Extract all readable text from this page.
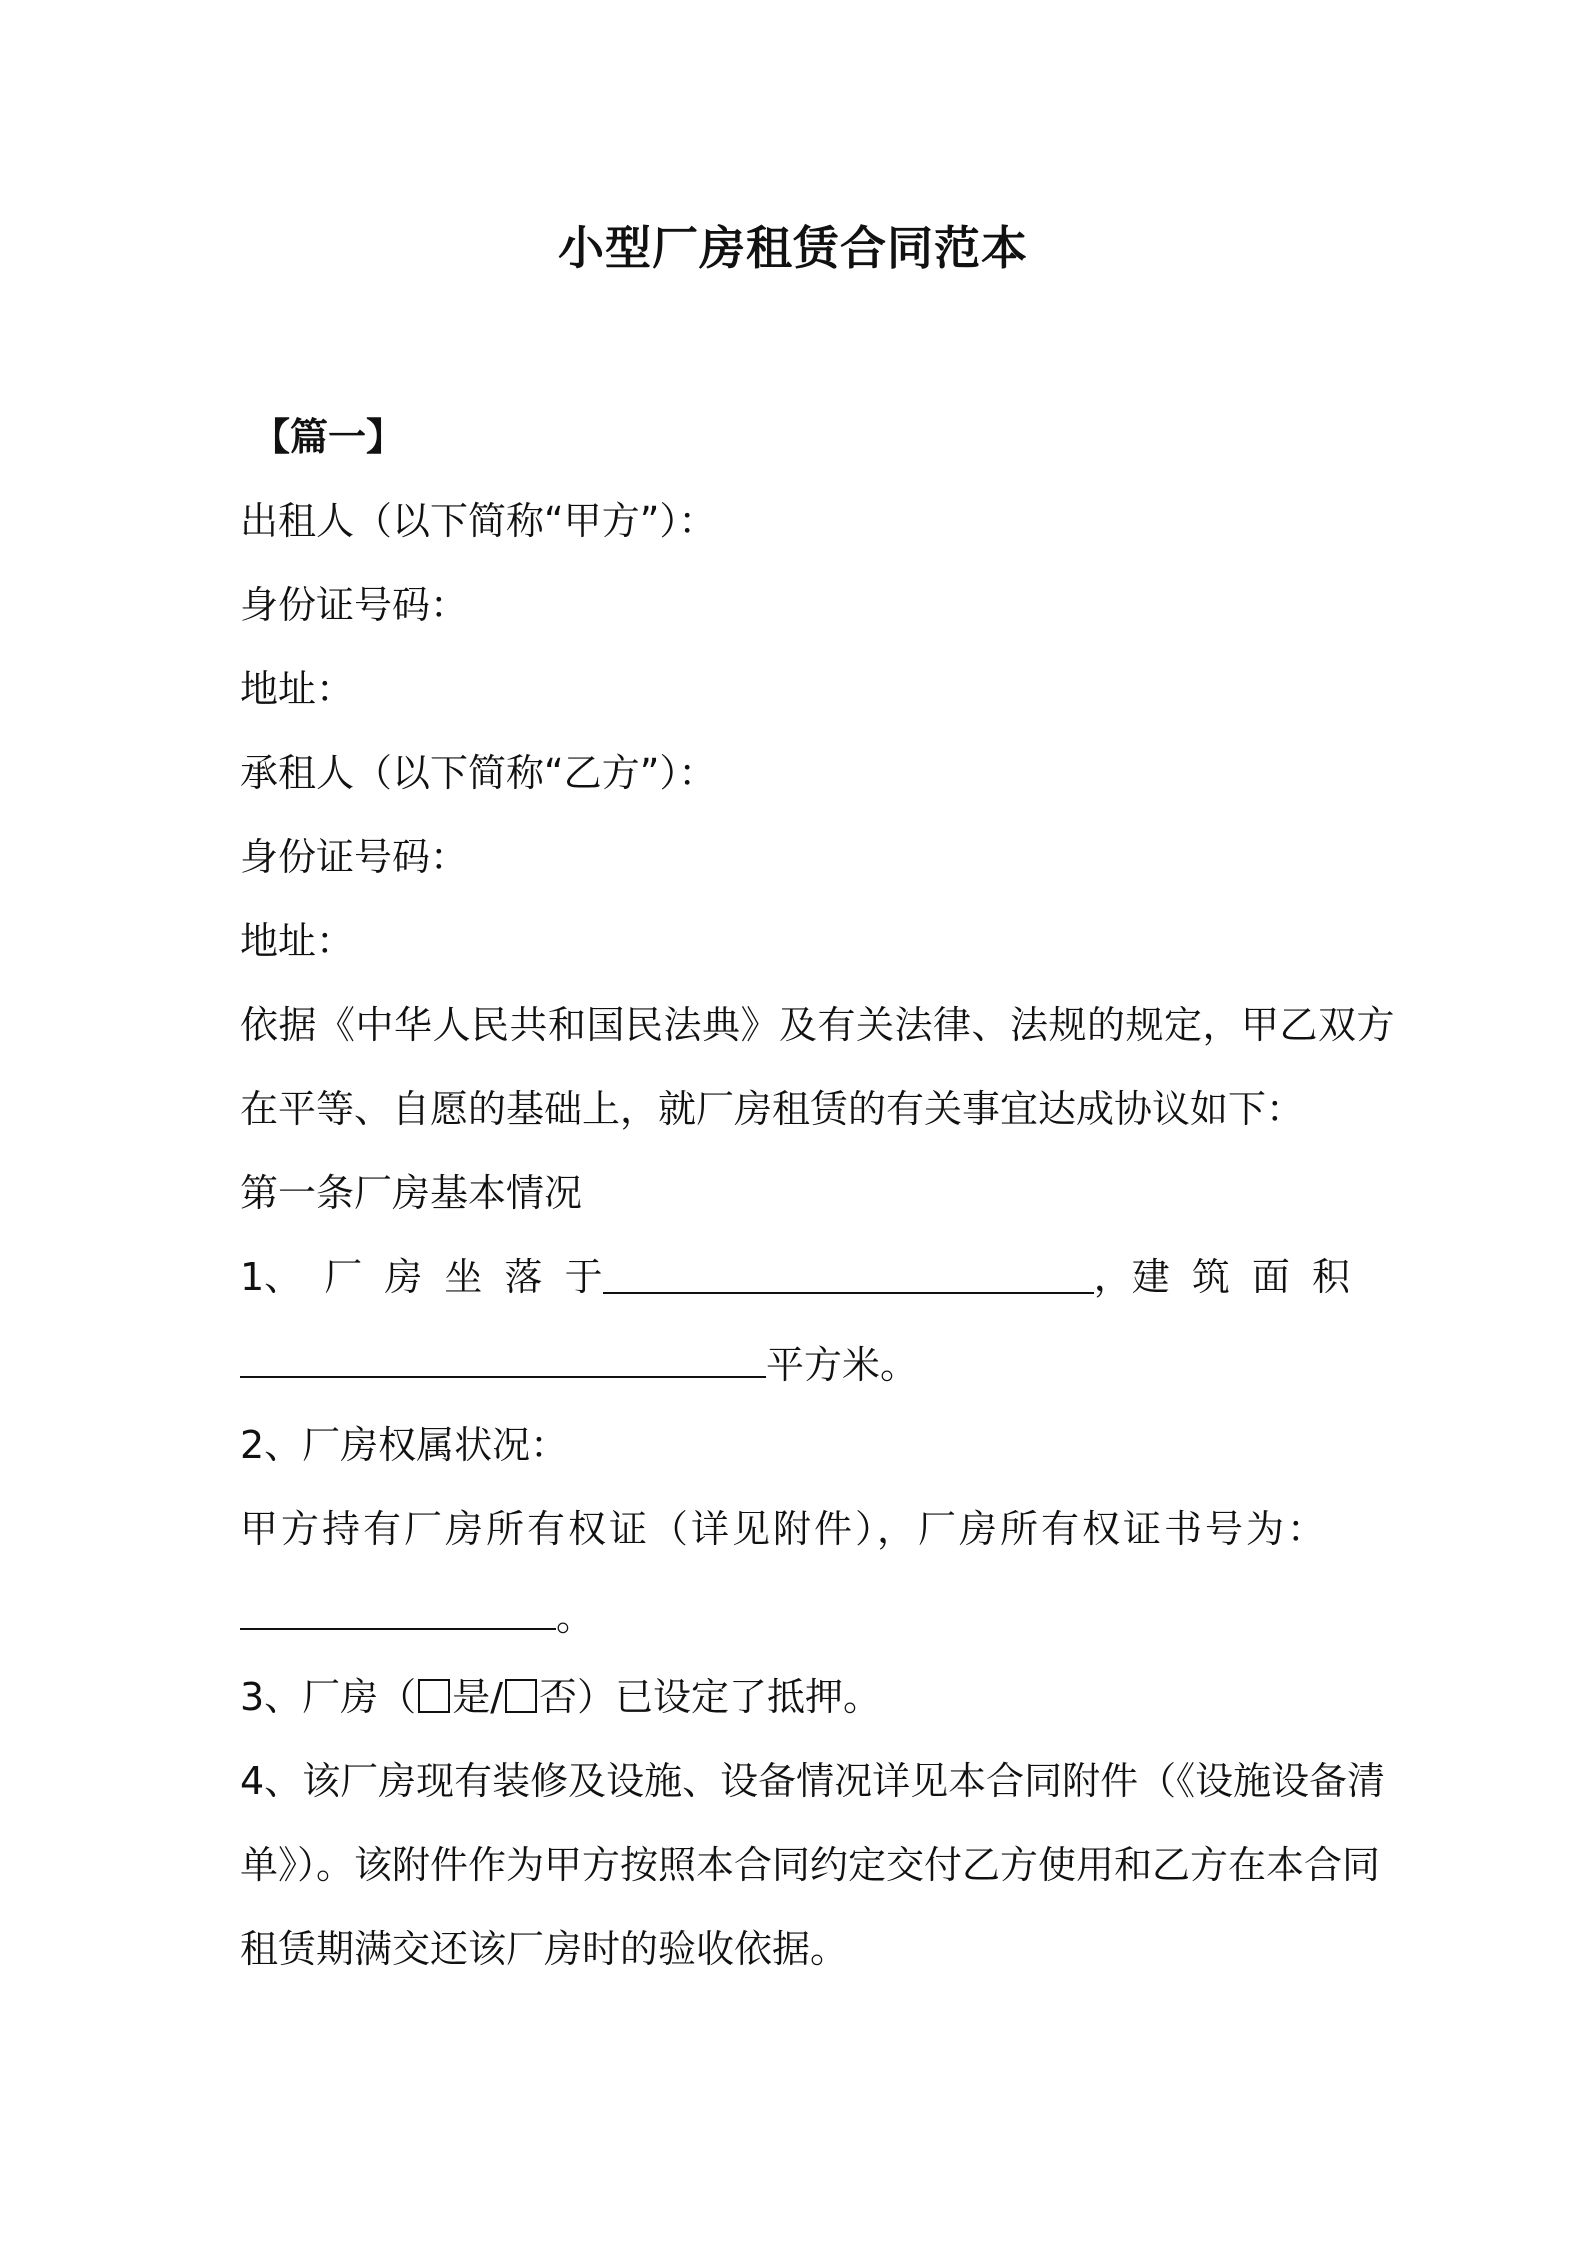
小型厂房租赁合同范本
【篇一】
出租人（以下简称“甲方”）：
身份证号码：
地址：
承租人（以下简称“乙方”）：
身份证号码：
地址：
依据《中华人民共和国民法典》及有关法律、法规的规定，甲乙双方
在平等、自愿的基础上，就厂房租赁的有关事宜达成协议如下：
第一条厂房基本情况
1、 厂 房 坐 落 于	， 建 筑 面 积
平方米。
2、厂房权属状况：
甲方持有厂房所有权证（详见附件），厂房所有权证书号为：
。
3、厂房（ 是/ 否）已设定了抵押。
4、该厂房现有装修及设施、设备情况详见本合同附件（《设施设备清
单》）。该附件作为甲方按照本合同约定交付乙方使用和乙方在本合同
租赁期满交还该厂房时的验收依据。
